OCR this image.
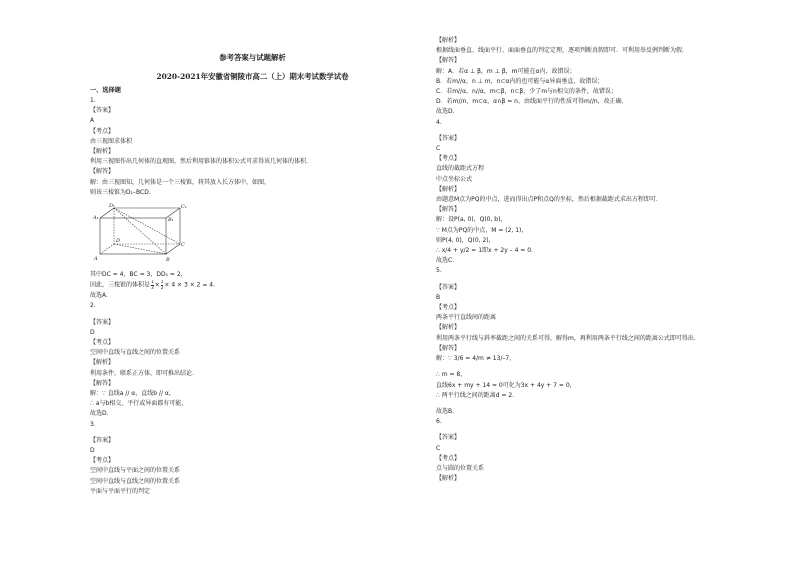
参考答案与试题解析
2020-2021年安徽省铜陵市高二（上）期末考试数学试卷
一、选择题
1.
【答案】
A
【考点】
由三视图求体积
【解析】
利用三视图作出几何体的直观图，然后利用锥体的体积公式可求得该几何体的体积．
【解答】
解：由三视图知，几何体是一个三棱锥，将其放入长方体中，如图，
则该三棱锥为D₁–BCD.
D₁	C₁
A₁	B₁
D
C
A	B
其中DC = 4，BC = 3，DD₁ = 2，
因此，三棱锥的体积是 $\frac{1}{3} \times \frac{1}{2} \times 4 \times 3 \times 2 = 4$.
故选A．
2.
【答案】
D
【考点】
空间中直线与直线之间的位置关系
【解析】
利用条件，联系正方体，即可推出结论．
【解答】
解：∵ 直线a // α，直线b // α，
∴ a与b相交、平行或异面都有可能，
故选D．
3.
【答案】
D
【考点】
空间中直线与平面之间的位置关系
空间中直线与直线之间的位置关系
平面与平面平行的判定
【解析】
根据线面垂直、线面平行、面面垂直的判定定理，逐项判断真假即可．可利用举反例判断为假．
【解答】
解：A．若α ⊥ β，m ⊥ β，m可能在α内，故错误；
B．若m//α，n ⊥ m，n⊂α内的也可能与α异面垂直，故错误；
C．若m//α，n//α，m⊂β，n⊂β，少了m与n相交的条件，故错误；
D．若m//n，m⊂α，α∩β = n，由线面平行的性质可得m//n，故正确．
故选D．
4.
【答案】
C
【考点】
直线的截距式方程
中点坐标公式
【解析】
由题意M点为PQ的中点，进而得出点P和点Q的坐标，然后根据截距式求出方程即可．
【解答】
解：设P(a, 0)，Q(0, b)，
∵ M点为PQ的中点，M = (2, 1)，
则P(4, 0)，Q(0, 2)，
∴ x/4 + y/2 = 1即x + 2y – 4 = 0．
故选C．
5.
【答案】
B
【考点】
两条平行直线间的距离
【解析】
利用两条平行线与斜率截距之间的关系可得，解得m，再利用两条平行线之间的距离公式即可得出．
【解答】
解：∵ 3/6 = 4/m ≠ 13/–7，
∴ m = 8，
直线6x + my + 14 = 0可化为3x + 4y + 7 = 0，
∴ 两平行线之间的距离d = 2．
故选B．
6.
【答案】
C
【考点】
点与圆的位置关系
【解析】
